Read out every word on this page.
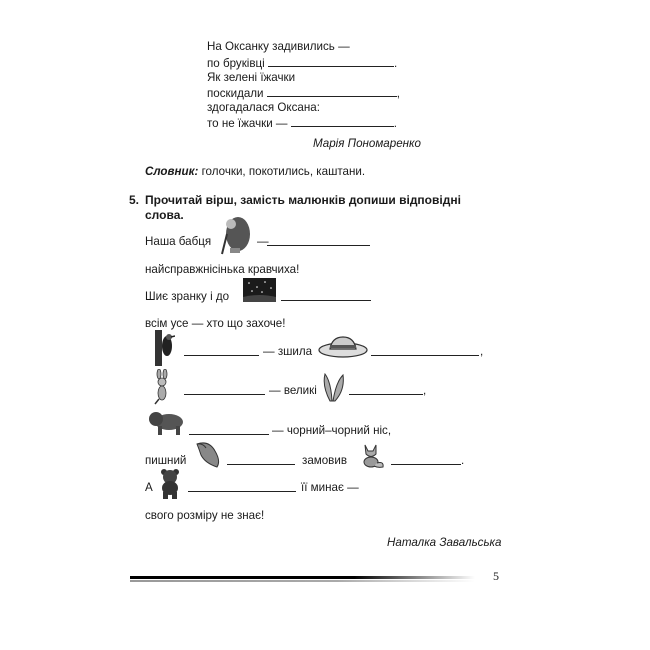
На Оксанку задивились —
по бруківці	.
Як зелені їжачки
поскидали	,
здогадалася Оксана:
то не їжачки —	.
Марія Пономаренко
Словник: голочки, покотились, каштани.
5. Прочитай вірш, замість малюнків допиши відповідні
слова.
Наша бабця	—
найсправжнісінька кравчиха!
Шиє зранку і до
всім усе — хто що захоче!
— зшила	,
— великі	,
— чорний–чорний ніс,
пишний	замовив	.
А	її минає —
свого розміру не знає!
Наталка Завальська
5
